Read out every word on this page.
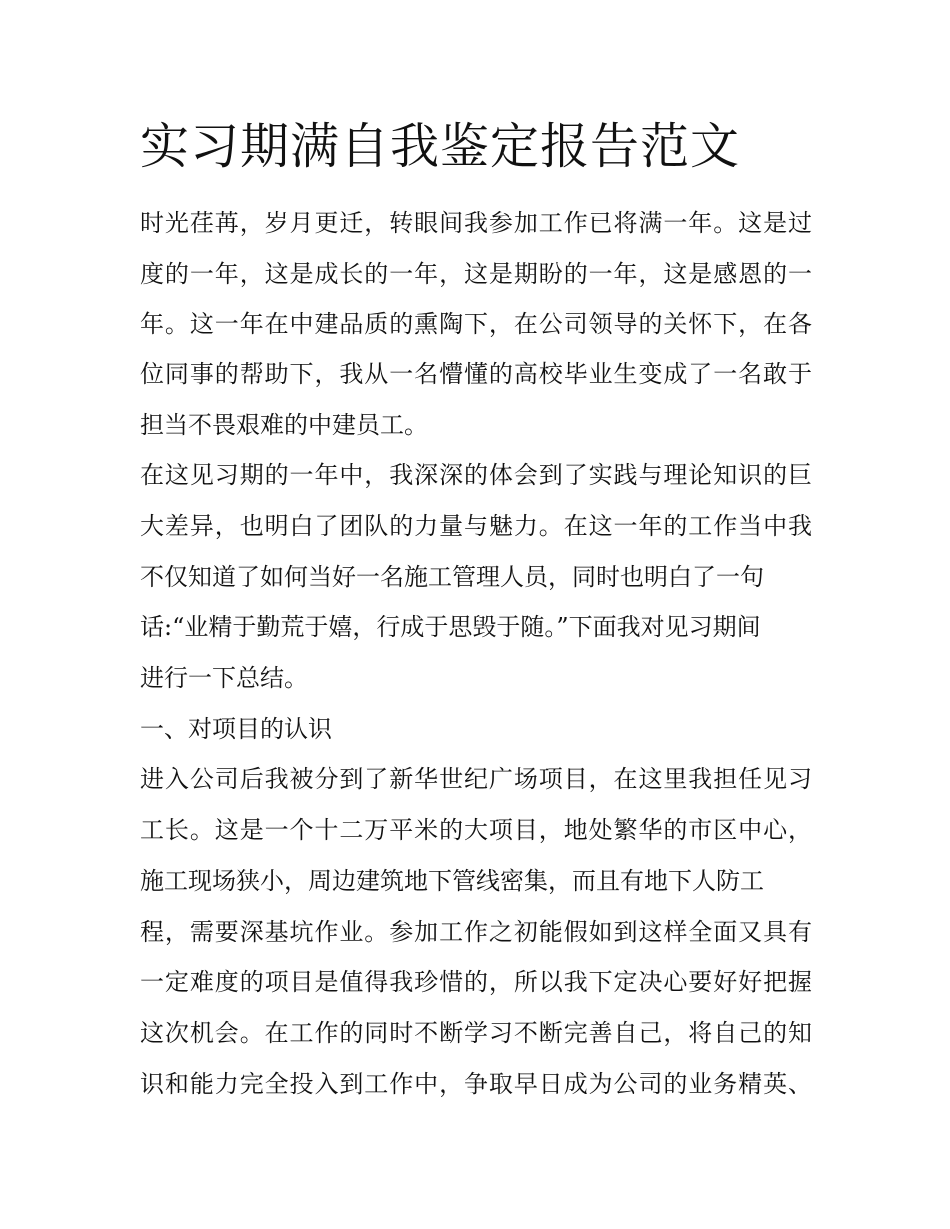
实习期满自我鉴定报告范文
时光荏苒，岁月更迁，转眼间我参加工作已将满一年。这是过
度的一年，这是成长的一年，这是期盼的一年，这是感恩的一
年。这一年在中建品质的熏陶下，在公司领导的关怀下，在各
位同事的帮助下，我从一名懵懂的高校毕业生变成了一名敢于
担当不畏艰难的中建员工。
在这见习期的一年中，我深深的体会到了实践与理论知识的巨
大差异，也明白了团队的力量与魅力。在这一年的工作当中我
不仅知道了如何当好一名施工管理人员，同时也明白了一句
话:“业精于勤荒于嬉，行成于思毁于随。”下面我对见习期间
进行一下总结。
一、对项目的认识
进入公司后我被分到了新华世纪广场项目，在这里我担任见习
工长。这是一个十二万平米的大项目，地处繁华的市区中心，
施工现场狭小，周边建筑地下管线密集，而且有地下人防工
程，需要深基坑作业。参加工作之初能假如到这样全面又具有
一定难度的项目是值得我珍惜的，所以我下定决心要好好把握
这次机会。在工作的同时不断学习不断完善自己，将自己的知
识和能力完全投入到工作中，争取早日成为公司的业务精英、
